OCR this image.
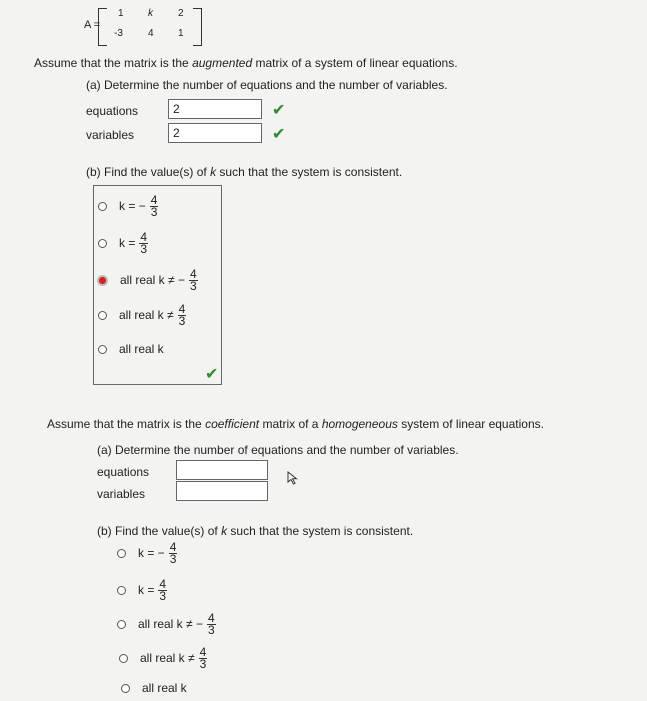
A =
1 k	2
-3	4 1
Assume that the matrix is the augmented matrix of a system of linear equations.
(a) Determine the number of equations and the number of variables.
equations	2	✔
variables	2	✔
(b) Find the value(s) of k such that the system is consistent.
k = − $\frac{4}{3}$
$k = \frac{4}{3}$
all real k ≠ − $\frac{4}{3}$
all real $k \ne \frac{4}{3}$
all real k
✔
Assume that the matrix is the coefficient matrix of a homogeneous system of linear equations.
(a) Determine the number of equations and the number of variables.
equations
variables
(b) Find the value(s) of k such that the system is consistent.
k = − $\frac{4}{3}$
$k = \frac{4}{3}$
all real k ≠ − $\frac{4}{3}$
all real $k \ne \frac{4}{3}$
all real k
